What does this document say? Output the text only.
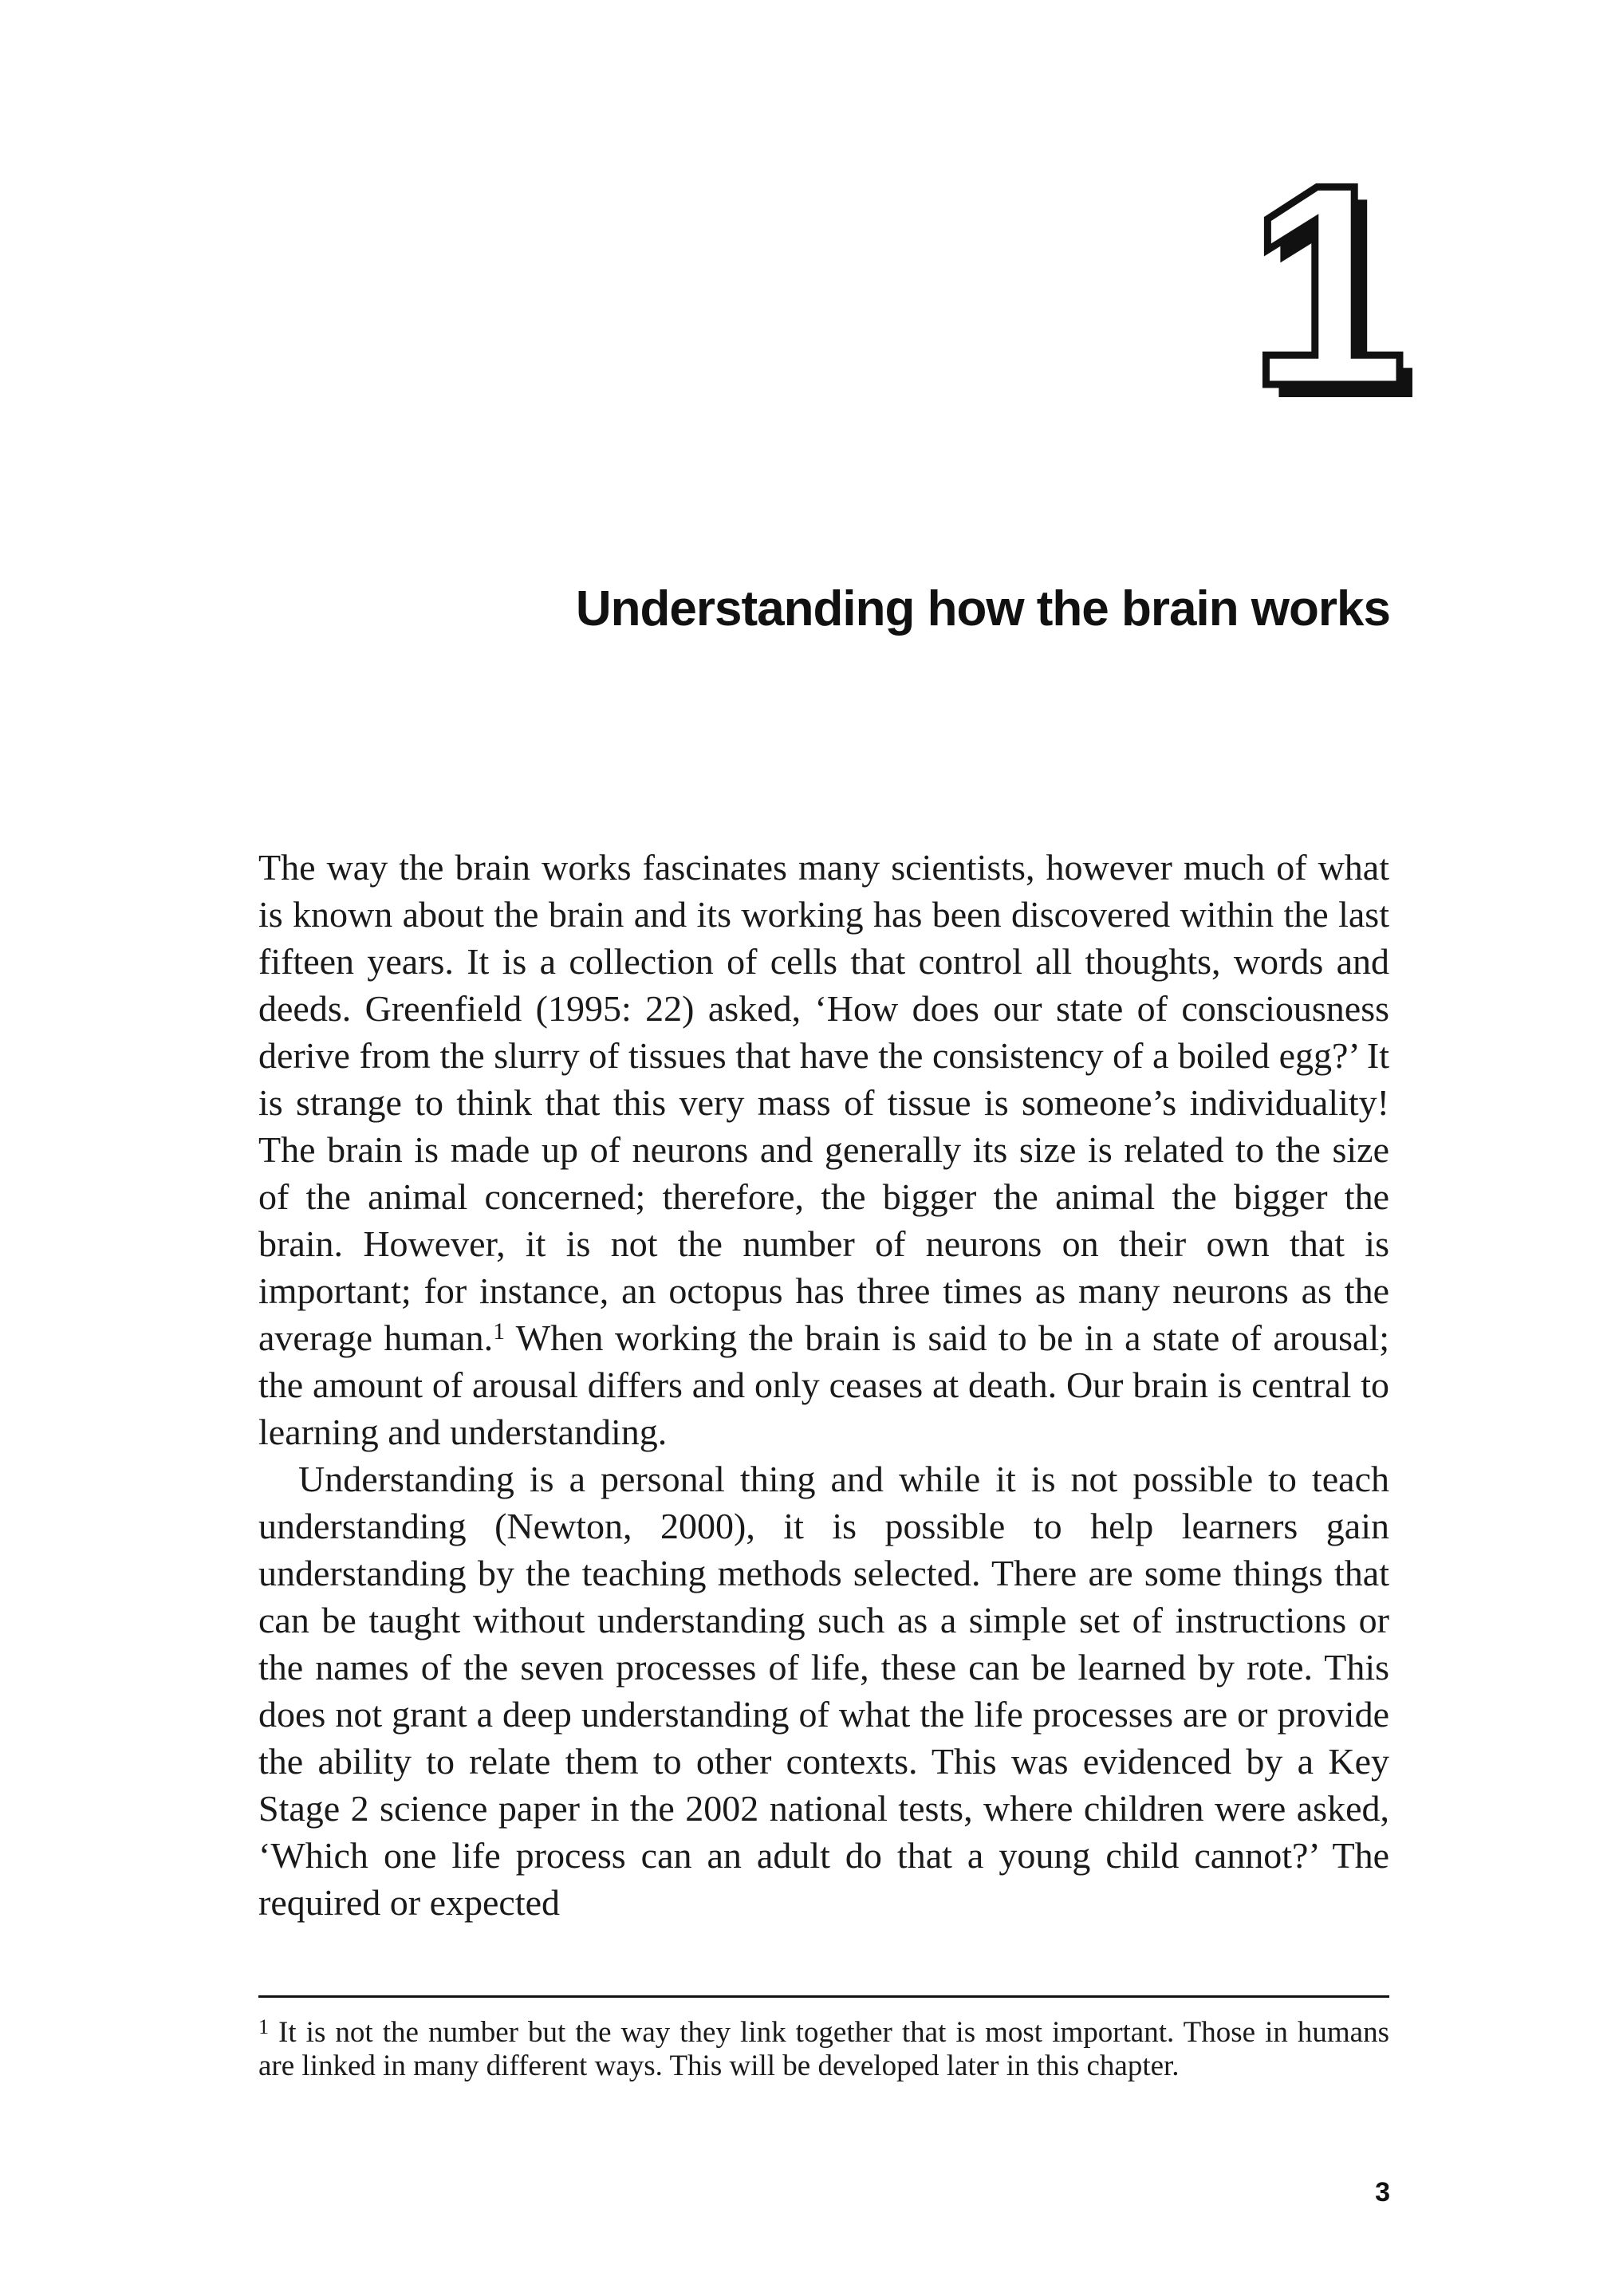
1
Understanding how the brain works

The way the brain works fascinates many scientists, however much of what is known about the brain and its working has been discovered within the last fifteen years. It is a collection of cells that control all thoughts, words and deeds. Greenfield (1995: 22) asked, ‘How does our state of consciousness derive from the slurry of tissues that have the consistency of a boiled egg?’ It is strange to think that this very mass of tissue is someone’s individuality! The brain is made up of neurons and generally its size is related to the size of the animal concerned; therefore, the bigger the animal the bigger the brain. However, it is not the number of neurons on their own that is important; for instance, an octopus has three times as many neurons as the average human.$^1$ When working the brain is said to be in a state of arousal; the amount of arousal differs and only ceases at death. Our brain is central to learning and understanding.

Understanding is a personal thing and while it is not possible to teach understanding (Newton, 2000), it is possible to help learners gain understanding by the teaching methods selected. There are some things that can be taught without understanding such as a simple set of instructions or the names of the seven processes of life, these can be learned by rote. This does not grant a deep understanding of what the life processes are or provide the ability to relate them to other contexts. This was evidenced by a Key Stage 2 science paper in the 2002 national tests, where children were asked, ‘Which one life process can an adult do that a young child cannot?’ The required or expected

$^1$ It is not the number but the way they link together that is most important. Those in humans are linked in many different ways. This will be developed later in this chapter.
3
